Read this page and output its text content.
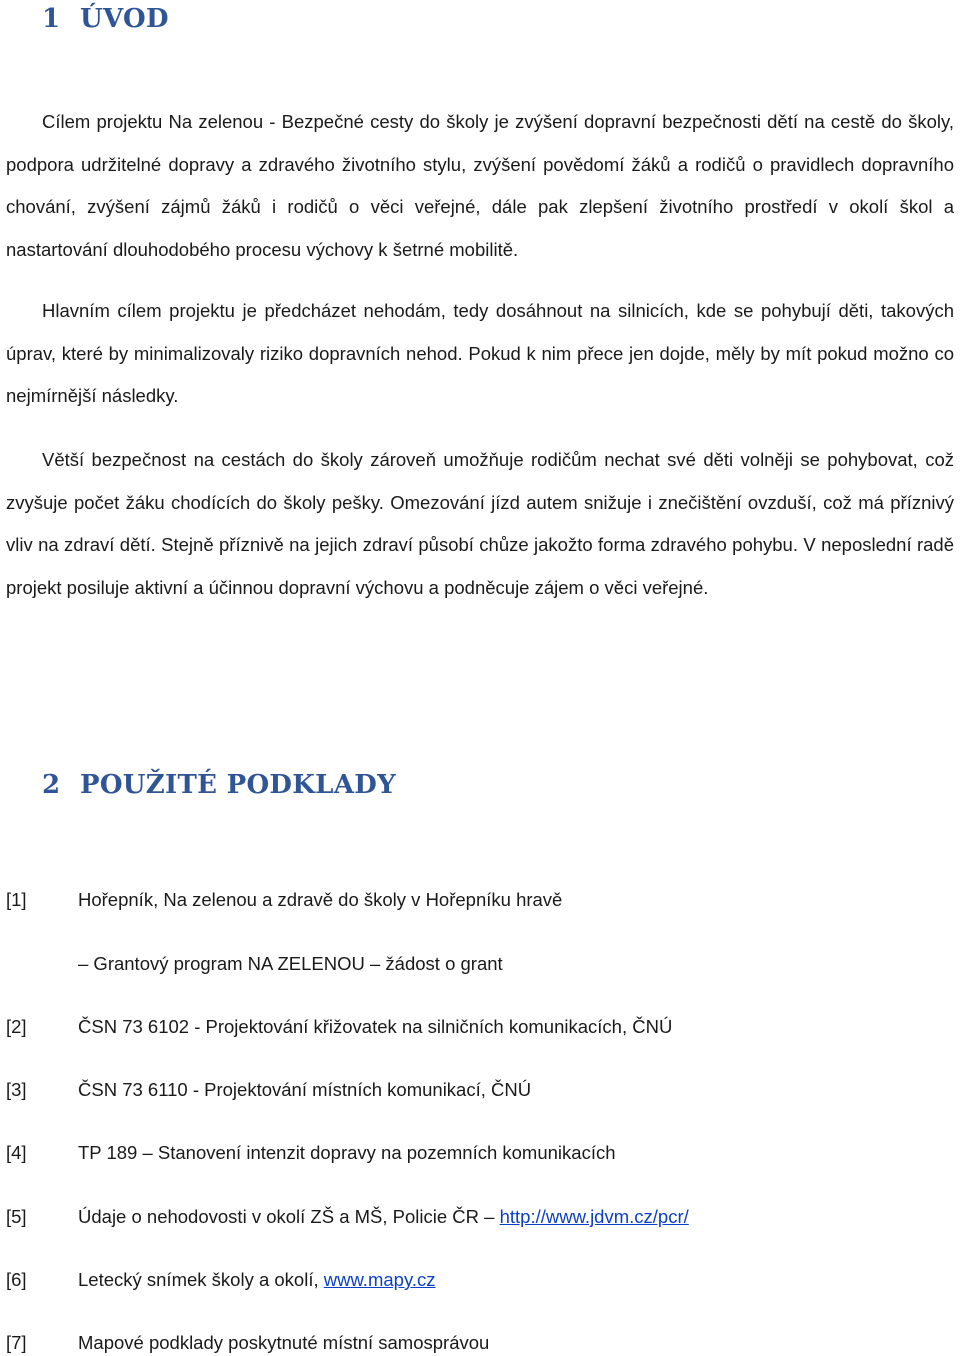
1 ÚVOD

Cílem projektu Na zelenou - Bezpečné cesty do školy je zvýšení dopravní bezpečnosti dětí na cestě do školy, podpora udržitelné dopravy a zdravého životního stylu, zvýšení povědomí žáků a rodičů o pravidlech dopravního chování, zvýšení zájmů žáků i rodičů o věci veřejné, dále pak zlepšení životního prostředí v okolí škol a nastartování dlouhodobého procesu výchovy k šetrné mobilitě.

Hlavním cílem projektu je předcházet nehodám, tedy dosáhnout na silnicích, kde se pohybují děti, takových úprav, které by minimalizovaly riziko dopravních nehod. Pokud k nim přece jen dojde, měly by mít pokud možno co nejmírnější následky.

Větší bezpečnost na cestách do školy zároveň umožňuje rodičům nechat své děti volněji se pohybovat, což zvyšuje počet žáku chodících do školy pešky. Omezování jízd autem snižuje i znečištění ovzduší, což má příznivý vliv na zdraví dětí. Stejně příznivě na jejich zdraví působí chůze jakožto forma zdravého pohybu. V neposlední radě projekt posiluje aktivní a účinnou dopravní výchovu a podněcuje zájem o věci veřejné.

2 POUŽITÉ PODKLADY
[1]	Hořepník, Na zelenou a zdravě do školy v Hořepníku hravě
– Grantový program NA ZELENOU – žádost o grant
[2]	ČSN 73 6102 - Projektování křižovatek na silničních komunikacích, ČNÚ
[3]	ČSN 73 6110 - Projektování místních komunikací, ČNÚ
[4]	TP 189 – Stanovení intenzit dopravy na pozemních komunikacích
[5]	Údaje o nehodovosti v okolí ZŠ a MŠ, Policie ČR – http://www.jdvm.cz/pcr/
[6]	Letecký snímek školy a okolí, www.mapy.cz
[7]	Mapové podklady poskytnuté místní samosprávou
